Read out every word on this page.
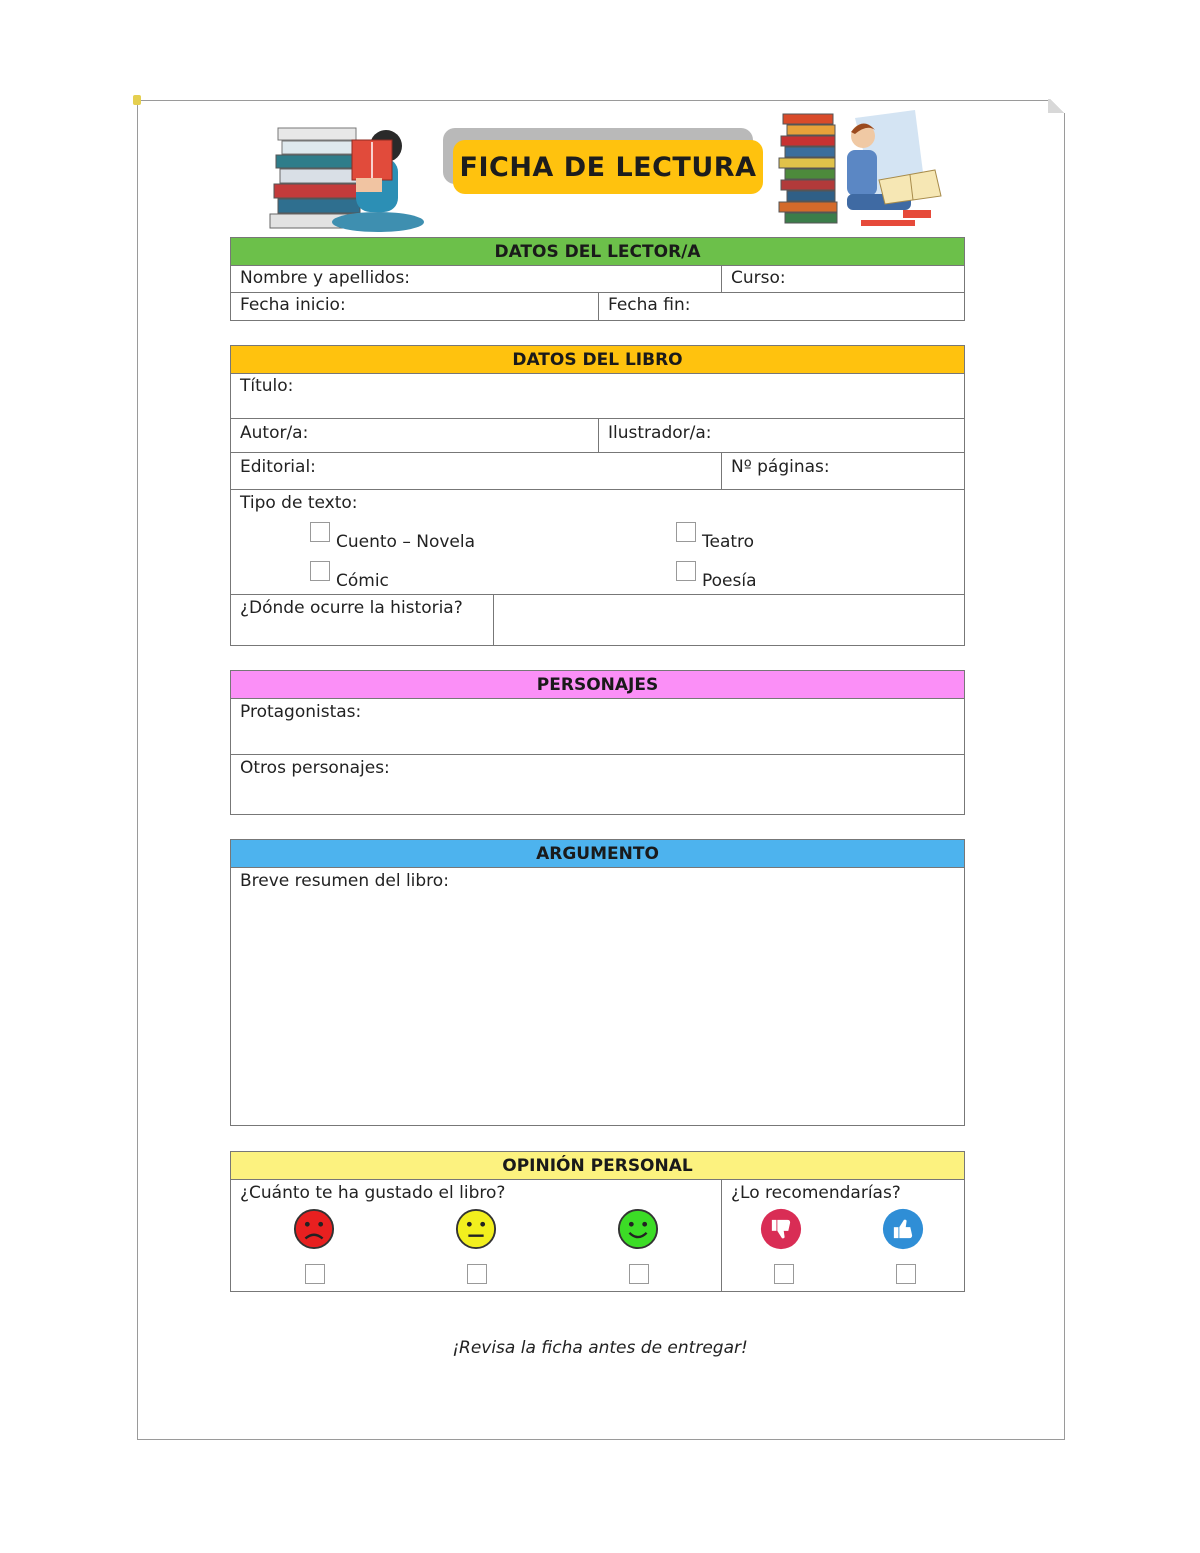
FICHA DE LECTURA
DATOS DEL LECTOR/A
Nombre y apellidos:	Curso:
Fecha inicio:	Fecha fin:
DATOS DEL LIBRO
Título:
Autor/a:	Ilustrador/a:
Editorial:	Nº páginas:
Tipo de texto:
Cuento – Novela	Teatro
Cómic	Poesía
¿Dónde ocurre la historia?
PERSONAJES
Protagonistas:
Otros personajes:
ARGUMENTO
Breve resumen del libro:
OPINIÓN PERSONAL
¿Cuánto te ha gustado el libro?	¿Lo recomendarías?
¡Revisa la ficha antes de entregar!
